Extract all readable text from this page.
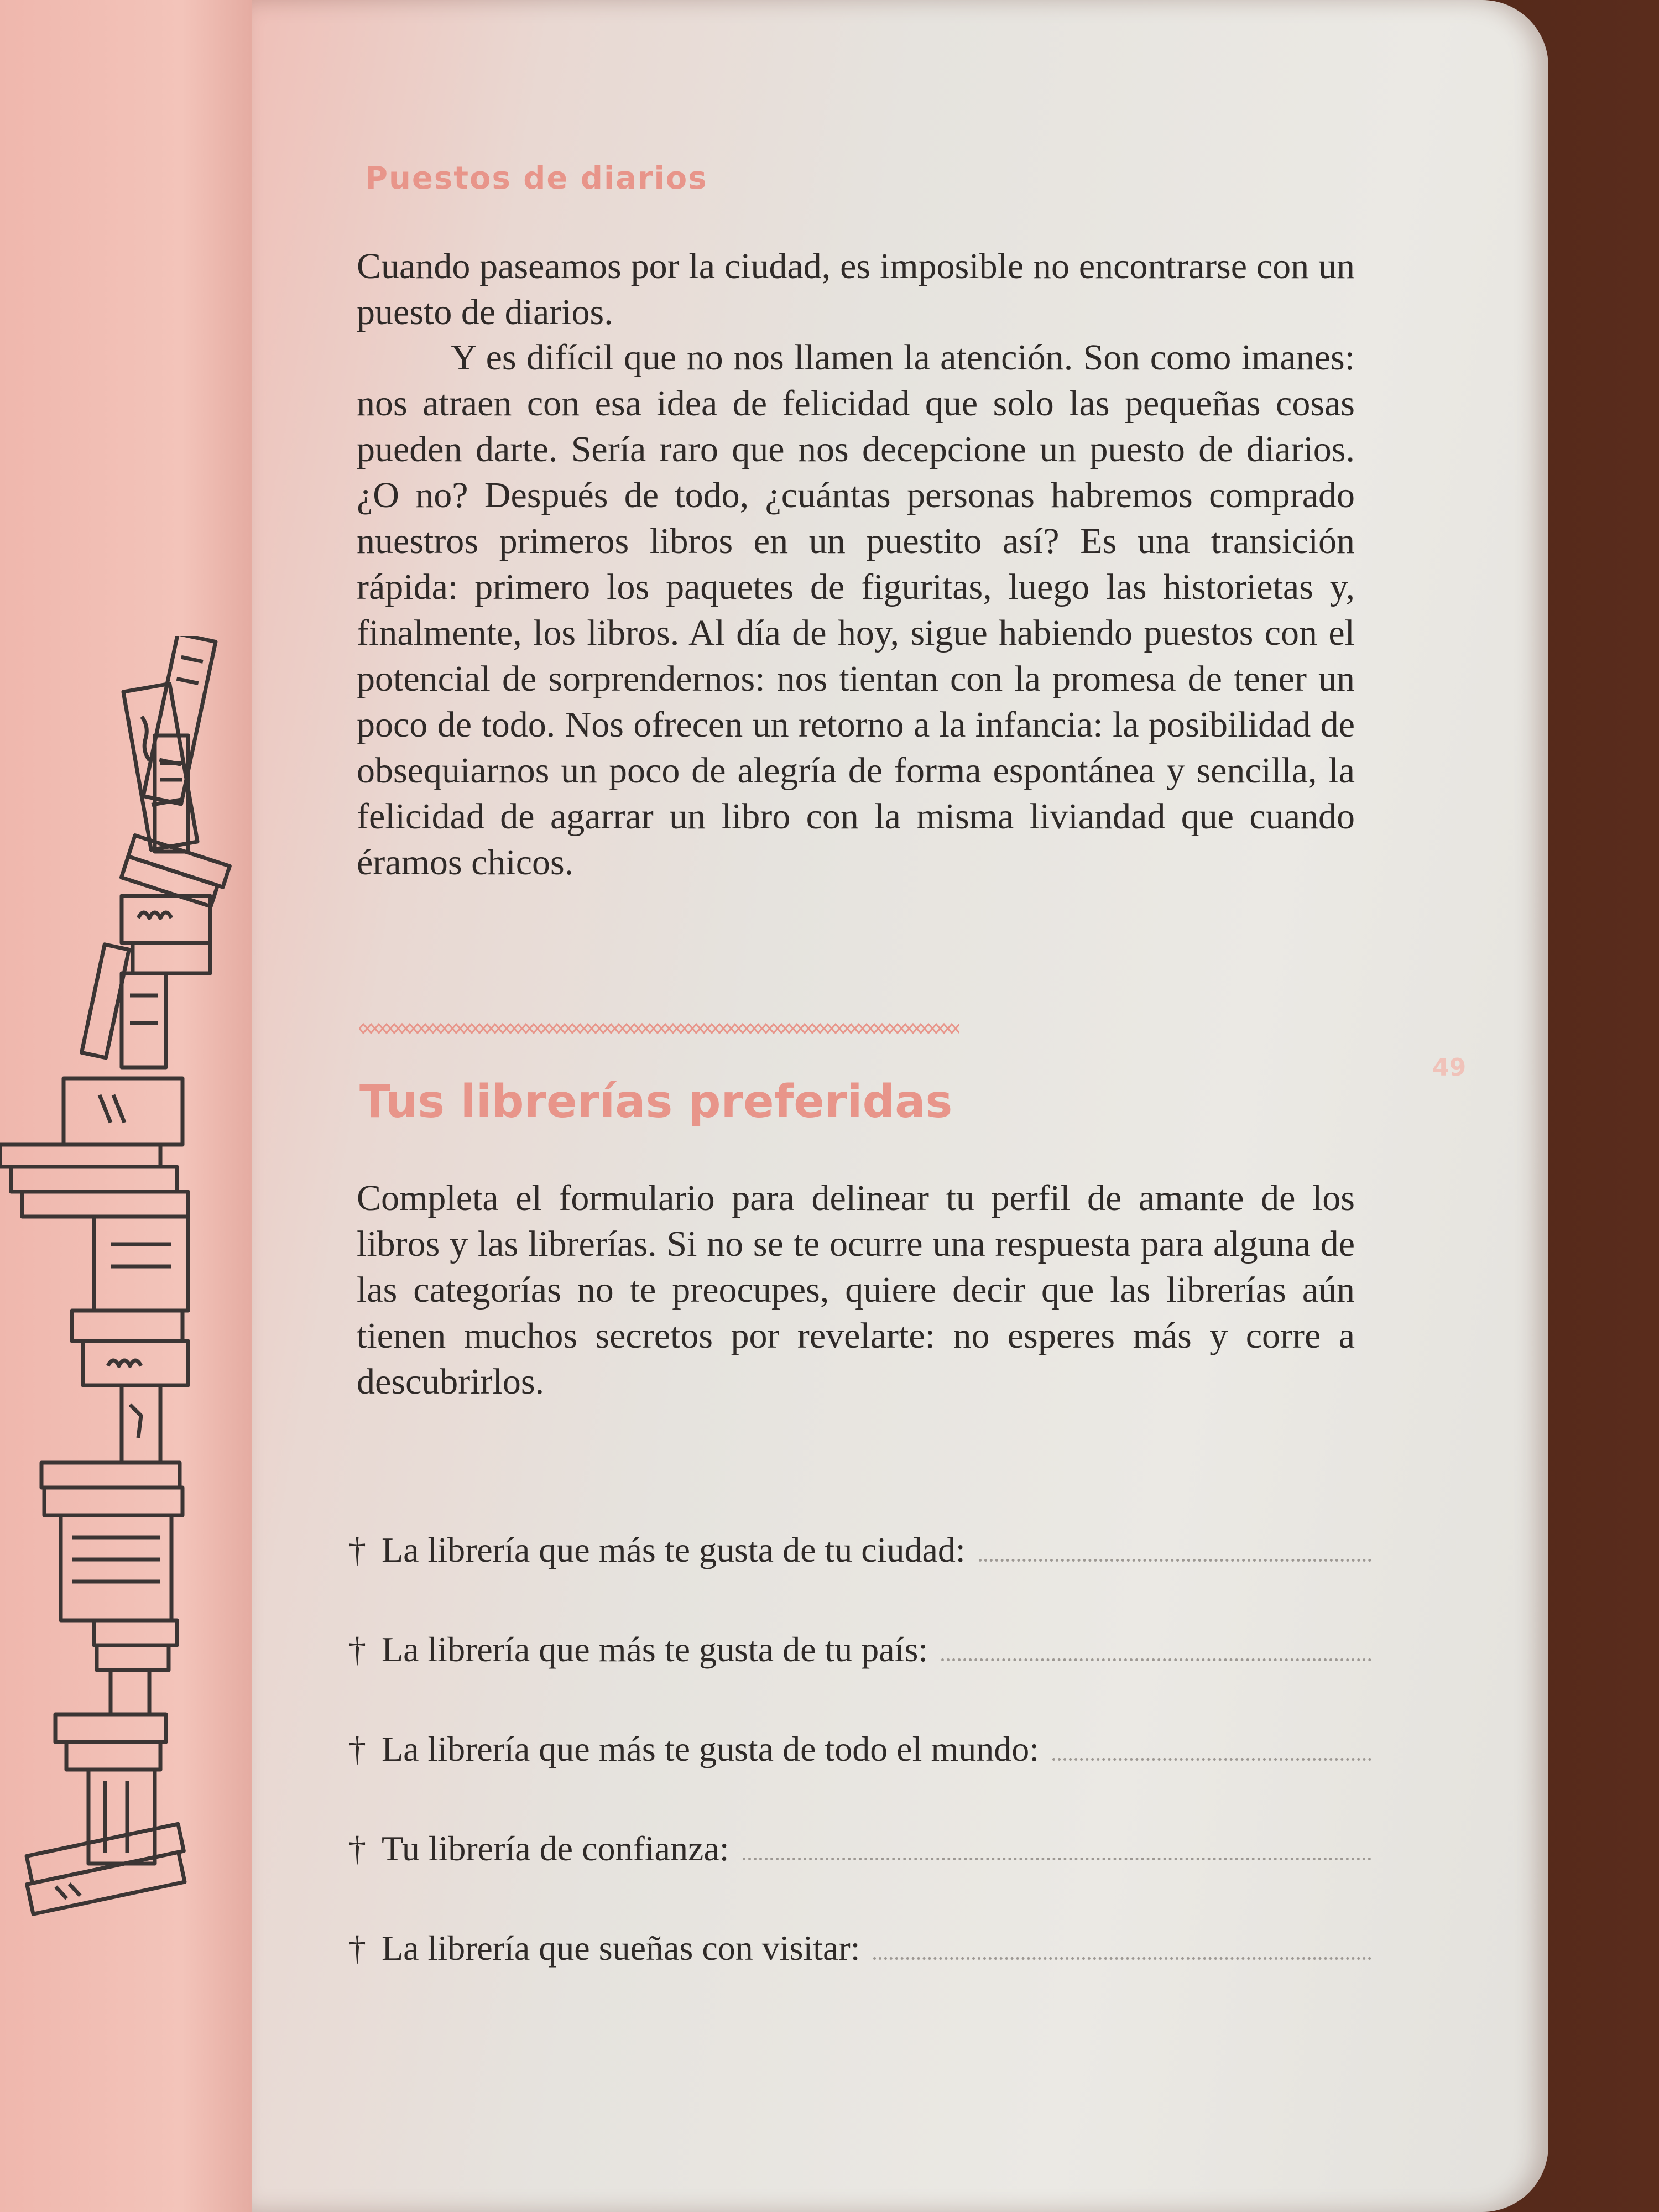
Puestos de diarios

Cuando paseamos por la ciudad, es imposible no encontrarse con un puesto de diarios.

Y es difícil que no nos llamen la atención. Son como imanes: nos atraen con esa idea de felicidad que solo las pequeñas cosas pueden darte. Sería raro que nos decepcione un puesto de diarios. ¿O no? Después de todo, ¿cuántas personas habremos comprado nuestros primeros libros en un puestito así? Es una transición rápida: primero los paquetes de figuritas, luego las historietas y, finalmente, los libros. Al día de hoy, sigue habiendo puestos con el potencial de sorprendernos: nos tientan con la promesa de tener un poco de todo. Nos ofrecen un retorno a la infancia: la posibilidad de obsequiarnos un poco de alegría de forma espontánea y sencilla, la felicidad de agarrar un libro con la misma liviandad que cuando éramos chicos.

49

Tus librerías preferidas

Completa el formulario para delinear tu perfil de amante de los libros y las librerías. Si no se te ocurre una respuesta para alguna de las categorías no te preocupes, quiere decir que las librerías aún tienen muchos secretos por revelarte: no esperes más y corre a descubrirlos.

† La librería que más te gusta de tu ciudad:
† La librería que más te gusta de tu país:
† La librería que más te gusta de todo el mundo:
† Tu librería de confianza:
† La librería que sueñas con visitar:
